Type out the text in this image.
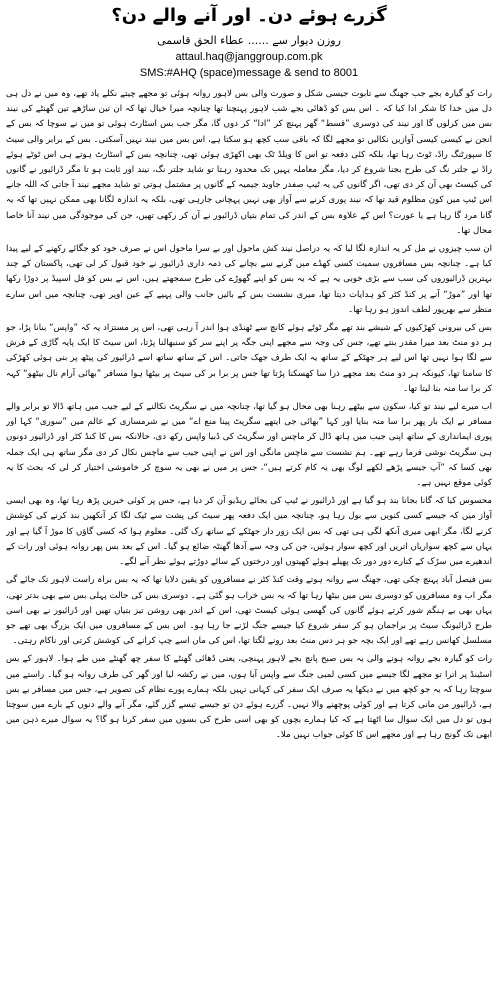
گزرے ہوئے دن۔ اور آنے والے دن؟
روزن دیوار سے ...... عطاء الحق قاسمی
attaul.haq@janggroup.com.pk
SMS:#AHQ (space)message & send to 8001

رات کو گیارہ بجے جب جھنگ سے تابوت جیسی شکل و صورت والی بس لاہور روانہ ہوئی تو مجھے چیتے نکلے یاد تھے، وہ میں نے دل ہی دل میں خدا کا شکر ادا کیا کہ ۔ اس بس کو ڈھائی بجے شب لاہور پہنچنا تھا چنانچہ میرا خیال تھا کہ ان تین ساڑھے تین گھنٹے کی نیند بس میں کرلوں گا اور نیند کی دوسری ”قسط“ گھر پہنچ کر ”ادا“ کر دوں گا، مگر جب بس اسٹارٹ ہوئی تو میں نے سوچا کہ بس کے انجن نے کیسی کیسی آوازیں نکالیں تو مجھے لگا کہ باقی سب کچھ ہو سکتا ہے، اس بس میں نیند نہیں آسکتی۔ بس کے برابر والی سیٹ کا سپورٹنگ راڈ، ٹوٹ رہا تھا، بلکہ کئی دفعہ تو اس کا ویلڈ ٹک بھی اکھڑی ہوئی تھی، چنانچہ بس کے اسٹارٹ ہوتے ہی اس ٹوٹے ہوئے راڈ نے جلتر نگ کی طرح بجنا شروع کر دیا، مگر معاملہ یہیں تک محدود رہتا تو شاید جلتر نگ، نیند اور ثابت ہو تا مگر ڈرائیور نے گانوں کی کیسٹ بھی آن کر دی تھی، اگر گانوں کی یہ ٹیپ صفدر جاوید جیمیہ کے گانوں پر مشتمل ہوتی تو شاید مجھے نیند آ جاتی کہ اللہ جانے اس ٹیپ میں کون مظلوم قید تھا کہ نیند پوری کرنے سے آواز بھی نہیں پہچانی جارہی تھی، بلکہ یہ اندازہ لگانا بھی ممکن نہیں تھا کہ یہ گانا مرد گا رہا ہے یا عورت؟ اس کے علاوہ بس کے اندر کی تمام بتیاں ڈرائیور نے آن کر رکھی تھیں، جن کی موجودگی میں نیند آنا خاصا محال تھا۔

ان سب چیزوں نے مل کر یہ اندازہ لگا لیا کہ یہ دراصل نیند کش ماحول اور بے سرا ماحول اس نے صرف خود کو جگائے رکھنے کے لیے پیدا کیا ہے۔ چنانچہ بس مسافروں سمیت کسی کھڈے میں گرنے سے بچانے کی ذمہ داری ڈرائیور نے خود قبول کر لی تھی، پاکستان کے چند بہترین ڈرائیوروں کی سب سے بڑی خوبی یہ ہے کہ یہ بس کو اپنے گھوڑے کی طرح سمجھتے ہیں، اس نے بس کو فل اسپیڈ پر دوڑا رکھا تھا اور ”موڑ“ آنے پر کنڈ کٹر کو ہدایات دیتا تھا، میری نشست بس کے بائیں جانب والی پہیے کے عین اوپر تھی، چنانچہ میں اس سارے منظر سے بھرپور لطف اندوز ہو رہا تھا۔

بس کی بیرونی کھڑکیوں کے شیشے بند تھے مگر ٹوٹے ہوئے کانچ سے ٹھنڈی ہوا اندر آ رہی تھی، اس پر مستزاد یہ کہ ”واپس“ بنانا پڑا، جو ہر دو منٹ بعد میرا مقدر بنتے تھے، جس کی وجہ سے مجھے اپنی جگہ پر اپنے سر کو سنبھالنا پڑتا، اس سیٹ کا ایک پایہ گاڑی کے فرش سے لگا ہوا نہیں تھا اس لیے ہر جھٹکے کے ساتھ یہ ایک طرف جھک جاتی۔ اس کے ساتھ ساتھ اسے ڈرائیور کی پیٹھ پر بنی ہوئی کھڑکی کا سامنا تھا، کیونکہ ہر دو منٹ بعد مجھے ذرا سا کھسکنا پڑتا تھا جس پر برا بر کی سیٹ پر بیٹھا ہوا مسافر ”بھائی آرام نال بیٹھو“ کہہ کر برا سا منہ بنا لیتا تھا۔

اب میرے لیے نیند تو کیا، سکون سے بیٹھے رہنا بھی محال ہو گیا تھا، چنانچہ میں نے سگریٹ نکالنے کے لیے جیب میں ہاتھ ڈالا تو برابر والے مسافر نے ایک بار پھر برا سا منہ بنایا اور کہا ”بھائی جی ایتھے سگریٹ پینا منع اے“ میں نے شرمساری کے عالم میں ”سوری“ کہا اور پوری ایمانداری کے ساتھ اپنی جیب میں ہاتھ ڈال کر ماچس اور سگریٹ کی ڈبیا واپس رکھ دی، حالانکہ بس کا کنڈ کٹر اور ڈرائیور دونوں ہی سگریٹ نوشی فرما رہے تھے۔ ہم نشست سے ماچس مانگی اور اس نے اپنی جیب سے ماچس نکال کر دی مگر ساتھ ہی ایک جملہ بھی کسا کہ ”آپ جیسے پڑھے لکھے لوگ بھی یہ کام کرتے ہیں“، جس پر میں نے بھی یہ سوچ کر خاموشی اختیار کر لی کہ بحث کا یہ کوئی موقع نہیں ہے۔

محسوس کیا کہ گانا بجانا بند ہو گیا ہے اور ڈرائیور نے ٹیپ کی بجائے ریڈیو آن کر دیا ہے، جس پر کوئی خبریں پڑھ رہا تھا، وہ بھی ایسی آواز میں کہ جیسے کسی کنویں سے بول رہا ہو، چنانچہ میں ایک دفعہ پھر سیٹ کی پشت سے ٹیک لگا کر آنکھیں بند کرنے کی کوشش کرنے لگا، مگر ابھی میری آنکھ لگی ہی تھی کہ بس ایک زور دار جھٹکے کے ساتھ رک گئی۔ معلوم ہوا کہ کسی گاؤں کا موڑ آ گیا ہے اور یہاں سے کچھ سواریاں اتریں اور کچھ سوار ہوئیں، جن کی وجہ سے آدھا گھنٹہ ضائع ہو گیا۔ اس کے بعد بس پھر روانہ ہوئی اور رات کے اندھیرے میں سڑک کے کنارے دور دور تک پھیلے ہوئے کھیتوں اور درختوں کے سائے دوڑتے ہوئے نظر آنے لگے۔

بس فیصل آباد پہنچ چکی تھی، جھنگ سے روانہ ہوتے وقت کنڈ کٹر نے مسافروں کو یقین دلایا تھا کہ یہ بس براہ راست لاہور تک جائے گی مگر اب وہ مسافروں کو دوسری بس میں بیٹھا رہا تھا کہ یہ بس خراب ہو گئی ہے۔ دوسری بس کی حالت پہلی بس سے بھی بدتر تھی، یہاں بھی بے ہنگم شور کرتے ہوئے گانوں کی گھسی ہوئی کیسٹ تھی، اس کے اندر بھی روشن تیز بتیاں تھیں اور ڈرائیور نے بھی اسی طرح ڈرائیونگ سیٹ پر براجمان ہو کر سفر شروع کیا جیسے جنگ لڑنے جا رہا ہو۔ اس بس کے مسافروں میں ایک بزرگ بھی تھے جو مسلسل کھانس رہے تھے اور ایک بچہ جو ہر دس منٹ بعد رونے لگتا تھا، اس کی ماں اسے چپ کرانے کی کوشش کرتی اور ناکام رہتی۔

رات کو گیارہ بجے روانہ ہونے والی یہ بس صبح پانچ بجے لاہور پہنچی، یعنی ڈھائی گھنٹے کا سفر چھ گھنٹے میں طے ہوا۔ لاہور کے بس اسٹینڈ پر اترا تو مجھے لگا جیسے میں کسی لمبی جنگ سے واپس آیا ہوں، میں نے رکشہ لیا اور گھر کی طرف روانہ ہو گیا۔ راستے میں سوچتا رہا کہ یہ جو کچھ میں نے دیکھا یہ صرف ایک سفر کی کہانی نہیں بلکہ ہمارے پورے نظام کی تصویر ہے، جس میں مسافر بے بس ہے، ڈرائیور من مانی کرتا ہے اور کوئی پوچھنے والا نہیں۔ گزرے ہوئے دن تو جیسے تیسے گزر گئے، مگر آنے والے دنوں کے بارے میں سوچتا ہوں تو دل میں ایک سوال سا اٹھتا ہے کہ کیا ہمارے بچوں کو بھی اسی طرح کی بسوں میں سفر کرنا ہو گا؟ یہ سوال میرے ذہن میں ابھی تک گونج رہا ہے اور مجھے اس کا کوئی جواب نہیں ملا۔
